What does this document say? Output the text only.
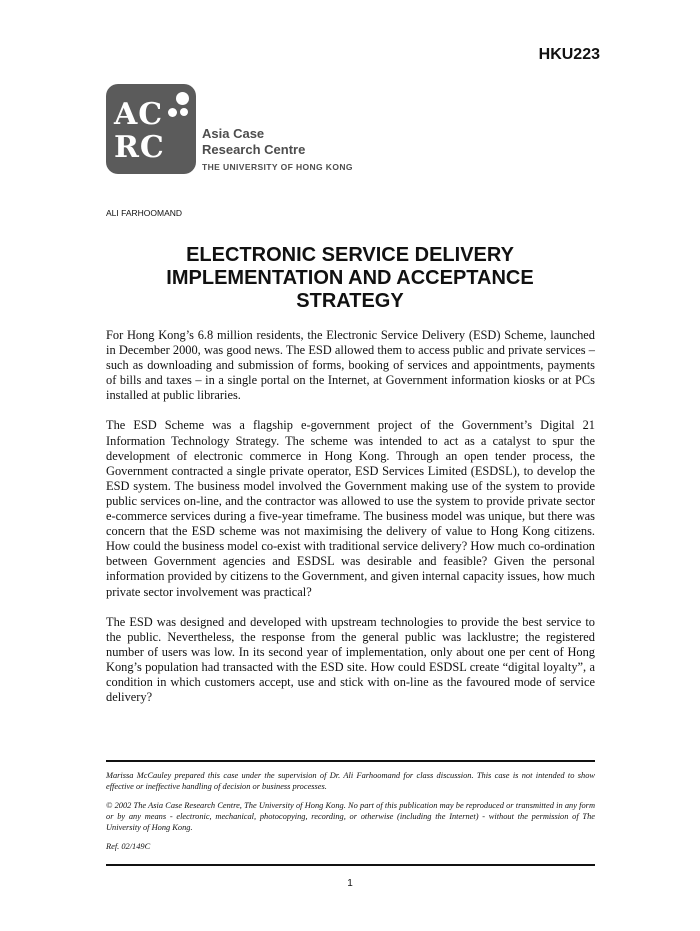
HKU223
AC
RC	Asia Case
Research Centre
THE UNIVERSITY OF HONG KONG
ALI FARHOOMAND
ELECTRONIC SERVICE DELIVERY
IMPLEMENTATION AND ACCEPTANCE
STRATEGY

For Hong Kong’s 6.8 million residents, the Electronic Service Delivery (ESD) Scheme, launched in December 2000, was good news. The ESD allowed them to access public and private services – such as downloading and submission of forms, booking of services and appointments, payments of bills and taxes – in a single portal on the Internet, at Government information kiosks or at PCs installed at public libraries.

The ESD Scheme was a flagship e-government project of the Government’s Digital 21 Information Technology Strategy. The scheme was intended to act as a catalyst to spur the development of electronic commerce in Hong Kong. Through an open tender process, the Government contracted a single private operator, ESD Services Limited (ESDSL), to develop the ESD system. The business model involved the Government making use of the system to provide public services on-line, and the contractor was allowed to use the system to provide private sector e-commerce services during a five-year timeframe. The business model was unique, but there was concern that the ESD scheme was not maximising the delivery of value to Hong Kong citizens. How could the business model co-exist with traditional service delivery? How much co-ordination between Government agencies and ESDSL was desirable and feasible? Given the personal information provided by citizens to the Government, and given internal capacity issues, how much private sector involvement was practical?

The ESD was designed and developed with upstream technologies to provide the best service to the public. Nevertheless, the response from the general public was lacklustre; the registered number of users was low. In its second year of implementation, only about one per cent of Hong Kong’s population had transacted with the ESD site. How could ESDSL create “digital loyalty”, a condition in which customers accept, use and stick with on-line as the favoured mode of service delivery?

Marissa McCauley prepared this case under the supervision of Dr. Ali Farhoomand for class discussion. This case is not intended to show effective or ineffective handling of decision or business processes.

© 2002 The Asia Case Research Centre, The University of Hong Kong. No part of this publication may be reproduced or transmitted in any form or by any means - electronic, mechanical, photocopying, recording, or otherwise (including the Internet) - without the permission of The University of Hong Kong.

Ref. 02/149C

1
